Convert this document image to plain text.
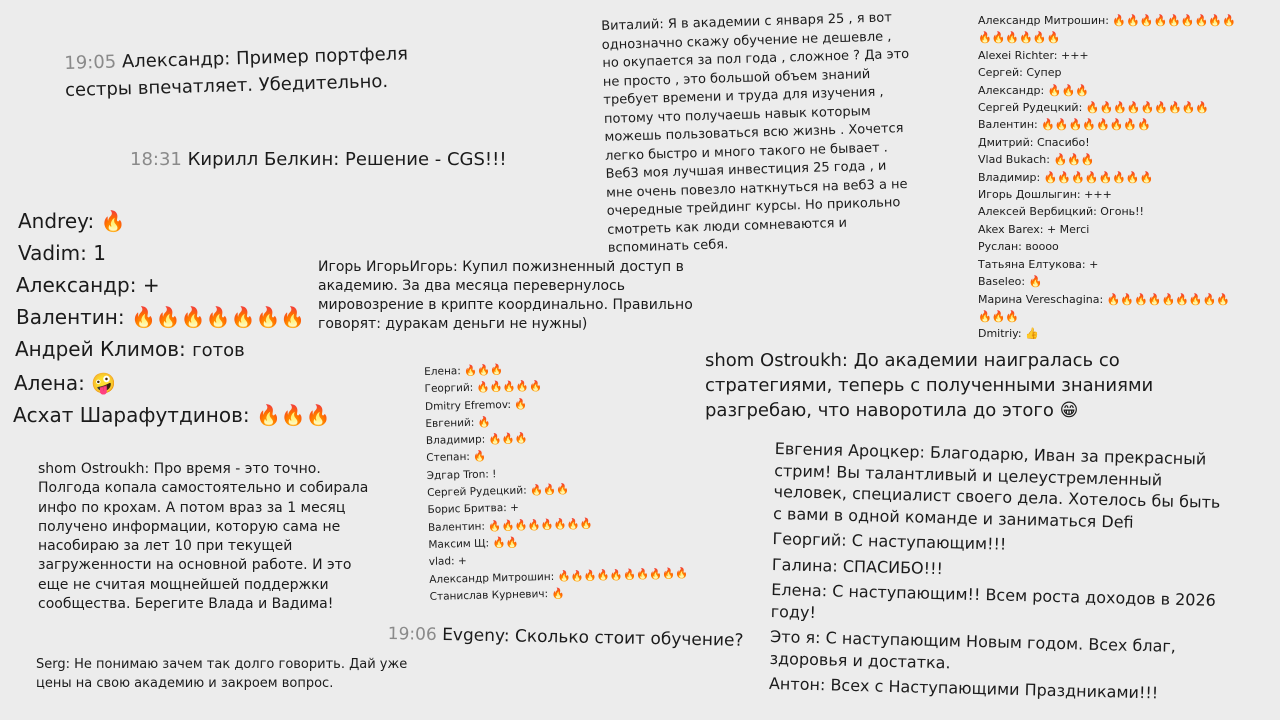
19:05 Александр: Пример портфеля сестры впечатляет. Убедительно.
18:31 Кирилл Белкин: Решение - CGS!!!
Andrey: 🔥
Vadim: 1
Александр: +
Валентин: 🔥🔥🔥🔥🔥🔥🔥
Андрей Климов: готов
Алена: 🤪
Асхат Шарафутдинов: 🔥🔥🔥
shom Ostroukh: Про время - это точно. Полгода копала самостоятельно и собирала инфо по крохам. А потом враз за 1 месяц получено информации, которую сама не насобираю за лет 10 при текущей загруженности на основной работе. И это еще не считая мощнейшей поддержки сообщества. Берегите Влада и Вадима!
Serg: Не понимаю зачем так долго говорить. Дай уже цены на свою академию и закроем вопрос.
Игорь ИгорьИгорь: Купил пожизненный доступ в академию. За два месяца перевернулось мировозрение в крипте координально. Правильно говорят: дуракам деньги не нужны)
Елена: 🔥🔥🔥
Георгий: 🔥🔥🔥🔥🔥
Dmitry Efremov: 🔥
Евгений: 🔥
Владимир: 🔥🔥🔥
Степан: 🔥
Эдгар Tron: !
Сергей Рудецкий: 🔥🔥🔥
Борис Бритва: +
Валентин: 🔥🔥🔥🔥🔥🔥🔥🔥
Максим Щ: 🔥🔥
vlad: +
Александр Митрошин: 🔥🔥🔥🔥🔥🔥🔥🔥🔥🔥
Станислав Курневич: 🔥
19:06 Evgeny: Сколько стоит обучение?
Виталий: Я в академии с января 25 , я вот однозначно скажу обучение не дешевле , но окупается за пол года , сложное ? Да это не просто , это большой объем знаний требует времени и труда для изучения , потому что получаешь навык которым можешь пользоваться всю жизнь . Хочется легко быстро и много такого не бывает . Веб3 моя лучшая инвестиция 25 года , и мне очень повезло наткнуться на веб3 а не очередные трейдинг курсы. Но прикольно смотреть как люди сомневаются и вспоминать себя.
Александр Митрошин: 🔥🔥🔥🔥🔥🔥🔥🔥🔥🔥🔥🔥🔥🔥🔥
Alexei Richter: +++
Сергей: Супер
Александр: 🔥🔥🔥
Сергей Рудецкий: 🔥🔥🔥🔥🔥🔥🔥🔥🔥
Валентин: 🔥🔥🔥🔥🔥🔥🔥🔥
Дмитрий: Спасибо!
Vlad Bukach: 🔥🔥🔥
Владимир: 🔥🔥🔥🔥🔥🔥🔥🔥
Игорь Дошлыгин: +++
Алексей Вербицкий: Огонь!!
Akex Barex: + Merci
Руслан: вoooo
Татьяна Елтукова: +
Baseleo: 🔥
Марина Vereschagina: 🔥🔥🔥🔥🔥🔥🔥🔥🔥🔥🔥🔥
Dmitriy: 👍
shom Ostroukh: До академии наигралась со стратегиями, теперь с полученными знаниями разгребаю, что наворотила до этого 😁
Евгения Ароцкер: Благодарю, Иван за прекрасный стрим! Вы талантливый и целеустремленный человек, специалист своего дела. Хотелось бы быть с вами в одной команде и заниматься Defi
Георгий: С наступающим!!!
Галина: СПАСИБО!!!
Елена: С наступающим!! Всем роста доходов в 2026 году!
Это я: С наступающим Новым годом. Всех благ, здоровья и достатка.
Антон: Всех с Наступающими Праздниками!!!
